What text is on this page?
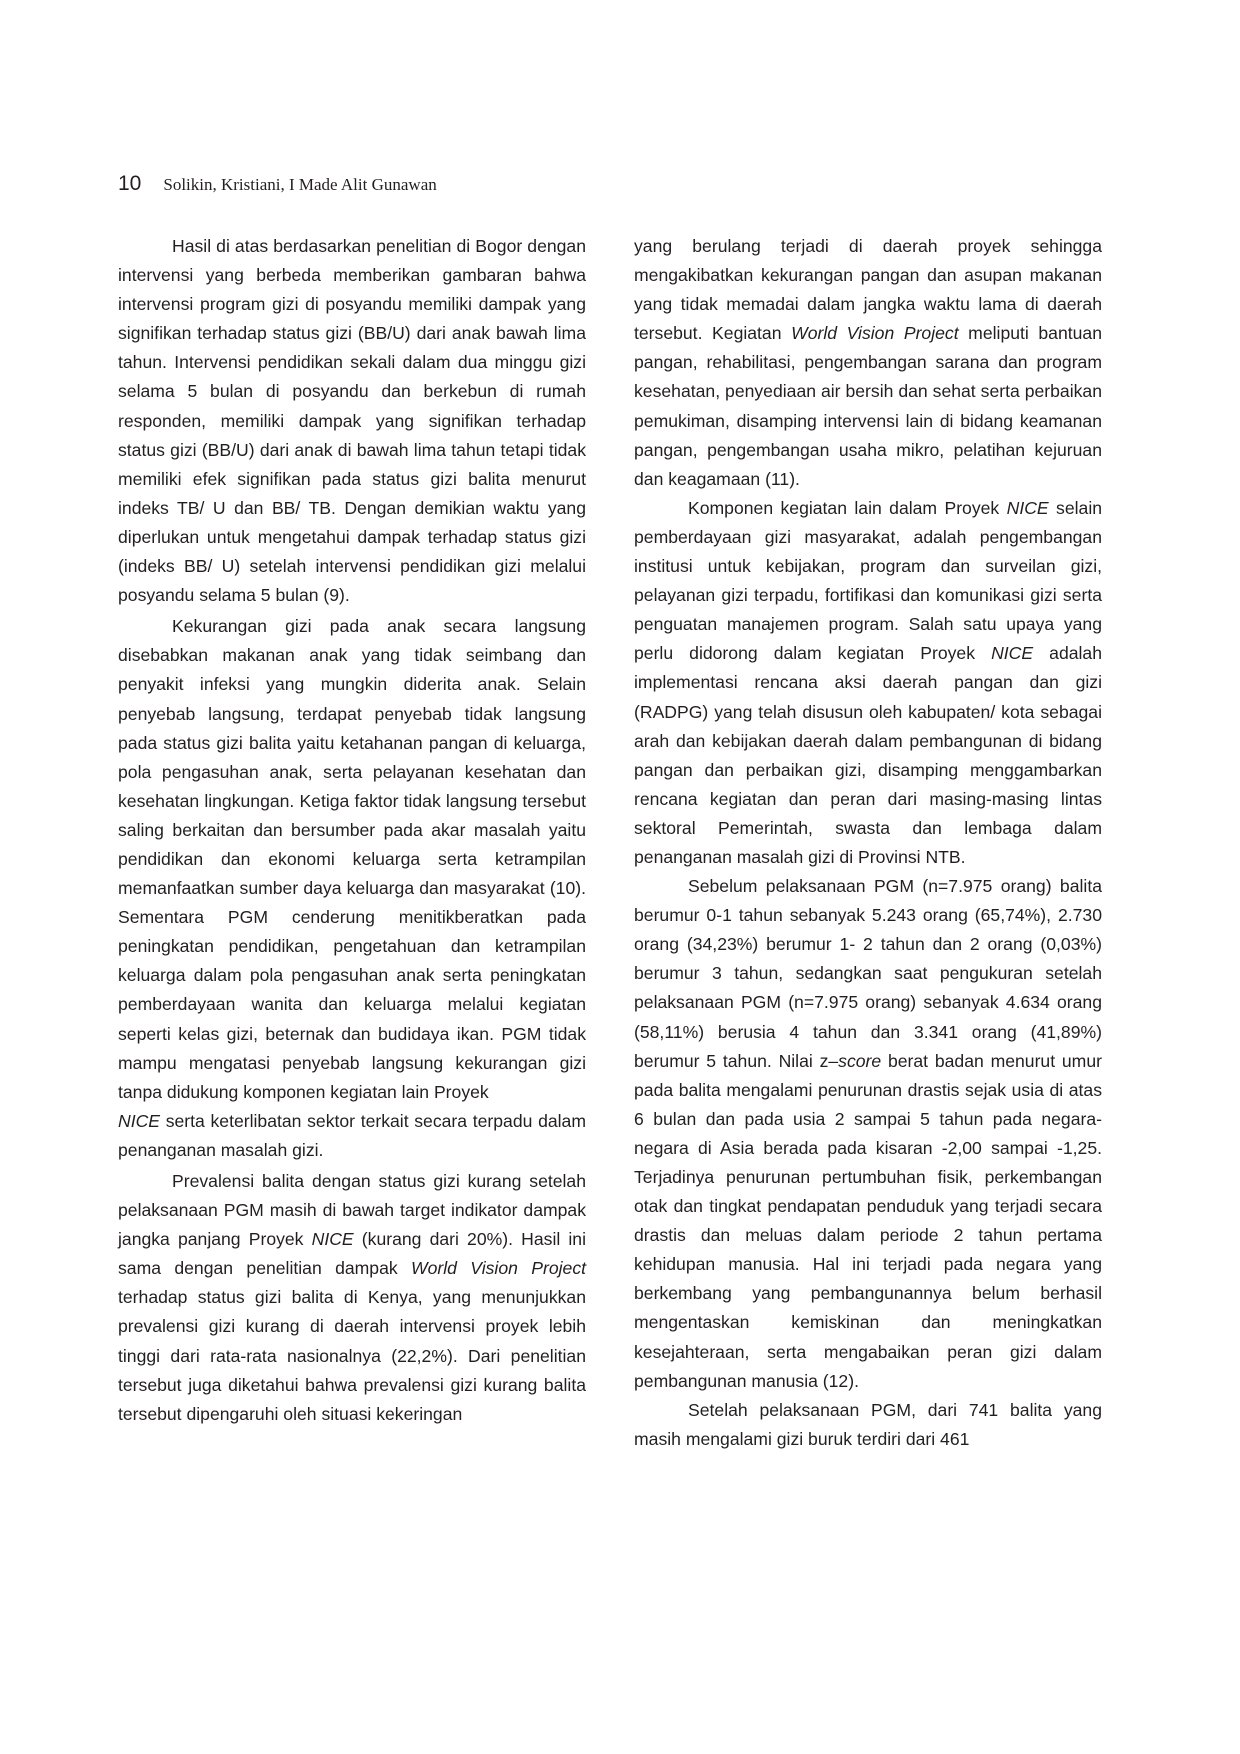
10 Solikin, Kristiani, I Made Alit Gunawan

Hasil di atas berdasarkan penelitian di Bogor dengan intervensi yang berbeda memberikan gambaran bahwa intervensi program gizi di posyandu memiliki dampak yang signifikan terhadap status gizi (BB/U) dari anak bawah lima tahun. Intervensi pendidikan sekali dalam dua minggu gizi selama 5 bulan di posyandu dan berkebun di rumah responden, memiliki dampak yang signifikan terhadap status gizi (BB/U) dari anak di bawah lima tahun tetapi tidak memiliki efek signifikan pada status gizi balita menurut indeks TB/ U dan BB/ TB. Dengan demikian waktu yang diperlukan untuk mengetahui dampak terhadap status gizi (indeks BB/ U) setelah intervensi pendidikan gizi melalui posyandu selama 5 bulan (9).

Kekurangan gizi pada anak secara langsung disebabkan makanan anak yang tidak seimbang dan penyakit infeksi yang mungkin diderita anak. Selain penyebab langsung, terdapat penyebab tidak langsung pada status gizi balita yaitu ketahanan pangan di keluarga, pola pengasuhan anak, serta pelayanan kesehatan dan kesehatan lingkungan. Ketiga faktor tidak langsung tersebut saling berkaitan dan bersumber pada akar masalah yaitu pendidikan dan ekonomi keluarga serta ketrampilan memanfaatkan sumber daya keluarga dan masyarakat (10). Sementara PGM cenderung menitikberatkan pada peningkatan pendidikan, pengetahuan dan ketrampilan keluarga dalam pola pengasuhan anak serta peningkatan pemberdayaan wanita dan keluarga melalui kegiatan seperti kelas gizi, beternak dan budidaya ikan. PGM tidak mampu mengatasi penyebab langsung kekurangan gizi tanpa didukung komponen kegiatan lain Proyek
NICE serta keterlibatan sektor terkait secara terpadu dalam penanganan masalah gizi.

Prevalensi balita dengan status gizi kurang setelah pelaksanaan PGM masih di bawah target indikator dampak jangka panjang Proyek NICE (kurang dari 20%). Hasil ini sama dengan penelitian dampak World Vision Project terhadap status gizi balita di Kenya, yang menunjukkan prevalensi gizi kurang di daerah intervensi proyek lebih tinggi dari rata-rata nasionalnya (22,2%). Dari penelitian tersebut juga diketahui bahwa prevalensi gizi kurang balita tersebut dipengaruhi oleh situasi kekeringan

yang berulang terjadi di daerah proyek sehingga mengakibatkan kekurangan pangan dan asupan makanan yang tidak memadai dalam jangka waktu lama di daerah tersebut. Kegiatan World Vision Project meliputi bantuan pangan, rehabilitasi, pengembangan sarana dan program kesehatan, penyediaan air bersih dan sehat serta perbaikan pemukiman, disamping intervensi lain di bidang keamanan pangan, pengembangan usaha mikro, pelatihan kejuruan dan keagamaan (11).

Komponen kegiatan lain dalam Proyek NICE selain pemberdayaan gizi masyarakat, adalah pengembangan institusi untuk kebijakan, program dan surveilan gizi, pelayanan gizi terpadu, fortifikasi dan komunikasi gizi serta penguatan manajemen program. Salah satu upaya yang perlu didorong dalam kegiatan Proyek NICE adalah implementasi rencana aksi daerah pangan dan gizi (RADPG) yang telah disusun oleh kabupaten/ kota sebagai arah dan kebijakan daerah dalam pembangunan di bidang pangan dan perbaikan gizi, disamping menggambarkan rencana kegiatan dan peran dari masing-masing lintas sektoral Pemerintah, swasta dan lembaga dalam penanganan masalah gizi di Provinsi NTB.

Sebelum pelaksanaan PGM (n=7.975 orang) balita berumur 0-1 tahun sebanyak 5.243 orang (65,74%), 2.730 orang (34,23%) berumur 1- 2 tahun dan 2 orang (0,03%) berumur 3 tahun, sedangkan saat pengukuran setelah pelaksanaan PGM (n=7.975 orang) sebanyak 4.634 orang (58,11%) berusia 4 tahun dan 3.341 orang (41,89%) berumur 5 tahun. Nilai z–score berat badan menurut umur pada balita mengalami penurunan drastis sejak usia di atas 6 bulan dan pada usia 2 sampai 5 tahun pada negara-negara di Asia berada pada kisaran -2,00 sampai -1,25. Terjadinya penurunan pertumbuhan fisik, perkembangan otak dan tingkat pendapatan penduduk yang terjadi secara drastis dan meluas dalam periode 2 tahun pertama kehidupan manusia. Hal ini terjadi pada negara yang berkembang yang pembangunannya belum berhasil mengentaskan kemiskinan dan meningkatkan kesejahteraan, serta mengabaikan peran gizi dalam pembangunan manusia (12).

Setelah pelaksanaan PGM, dari 741 balita yang masih mengalami gizi buruk terdiri dari 461
